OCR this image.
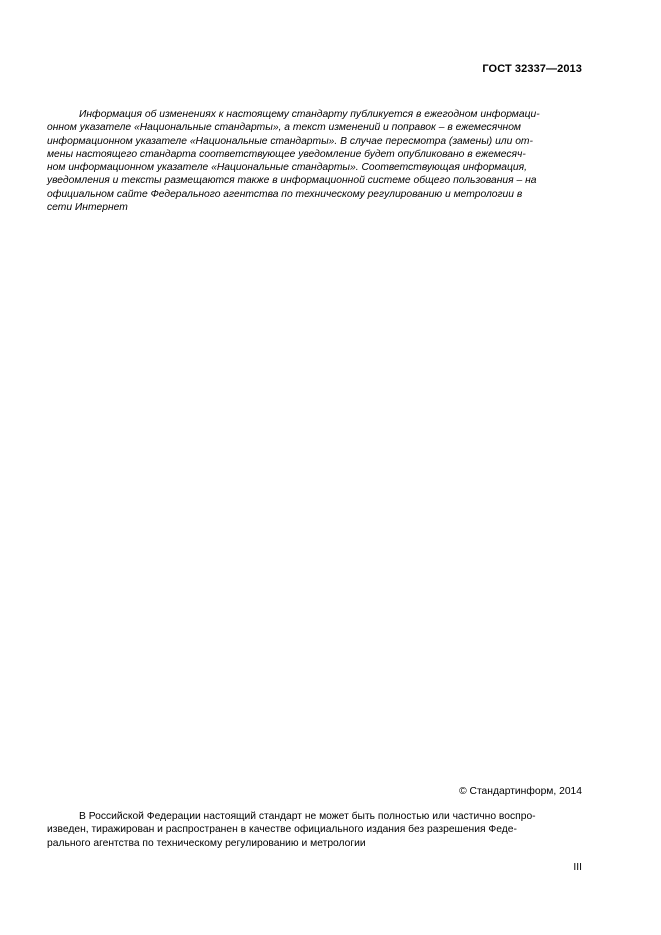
ГОСТ 32337—2013
Информация об изменениях к настоящему стандарту публикуется в ежегодном информаци-
онном указателе «Национальные стандарты», а текст изменений и поправок – в ежемесячном
информационном указателе «Национальные стандарты». В случае пересмотра (замены) или от-
мены настоящего стандарта соответствующее уведомление будет опубликовано в ежемесяч-
ном информационном указателе «Национальные стандарты». Соответствующая информация,
уведомления и тексты размещаются также в информационной системе общего пользования – на
официальном сайте Федерального агентства по техническому регулированию и метрологии в
сети Интернет
© Стандартинформ, 2014
В Российской Федерации настоящий стандарт не может быть полностью или частично воспро-
изведен, тиражирован и распространен в качестве официального издания без разрешения Феде-
рального агентства по техническому регулированию и метрологии
III
